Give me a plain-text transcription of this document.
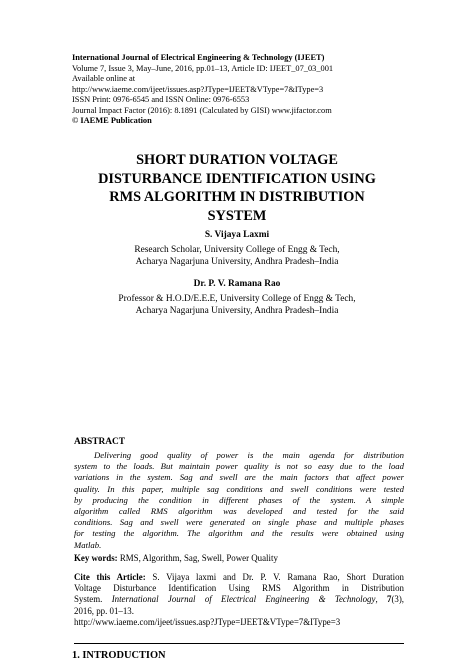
International Journal of Electrical Engineering & Technology (IJEET)
Volume 7, Issue 3, May–June, 2016, pp.01–13, Article ID: IJEET_07_03_001
Available online at
http://www.iaeme.com/ijeet/issues.asp?JType=IJEET&VType=7&IType=3
ISSN Print: 0976-6545 and ISSN Online: 0976-6553
Journal Impact Factor (2016): 8.1891 (Calculated by GISI) www.jifactor.com
© IAEME Publication
SHORT DURATION VOLTAGE
DISTURBANCE IDENTIFICATION USING
RMS ALGORITHM IN DISTRIBUTION
SYSTEM
S. Vijaya Laxmi
Research Scholar, University College of Engg & Tech,
Acharya Nagarjuna University, Andhra Pradesh–India
Dr. P. V. Ramana Rao
Professor & H.O.D/E.E.E, University College of Engg & Tech,
Acharya Nagarjuna University, Andhra Pradesh–India
ABSTRACT
Delivering good quality of power is the main agenda for distribution
system to the loads. But maintain power quality is not so easy due to the load
variations in the system. Sag and swell are the main factors that affect power
quality. In this paper, multiple sag conditions and swell conditions were tested
by producing the condition in different phases of the system. A simple
algorithm called RMS algorithm was developed and tested for the said
conditions. Sag and swell were generated on single phase and multiple phases
for testing the algorithm. The algorithm and the results were obtained using
Matlab.
Key words: RMS, Algorithm, Sag, Swell, Power Quality
Cite this Article: S. Vijaya laxmi and Dr. P. V. Ramana Rao, Short Duration
Voltage Disturbance Identification Using RMS Algorithm in Distribution
System. International Journal of Electrical Engineering & Technology, 7(3),
2016, pp. 01–13.
http://www.iaeme.com/ijeet/issues.asp?JType=IJEET&VType=7&IType=3
1. INTRODUCTION
